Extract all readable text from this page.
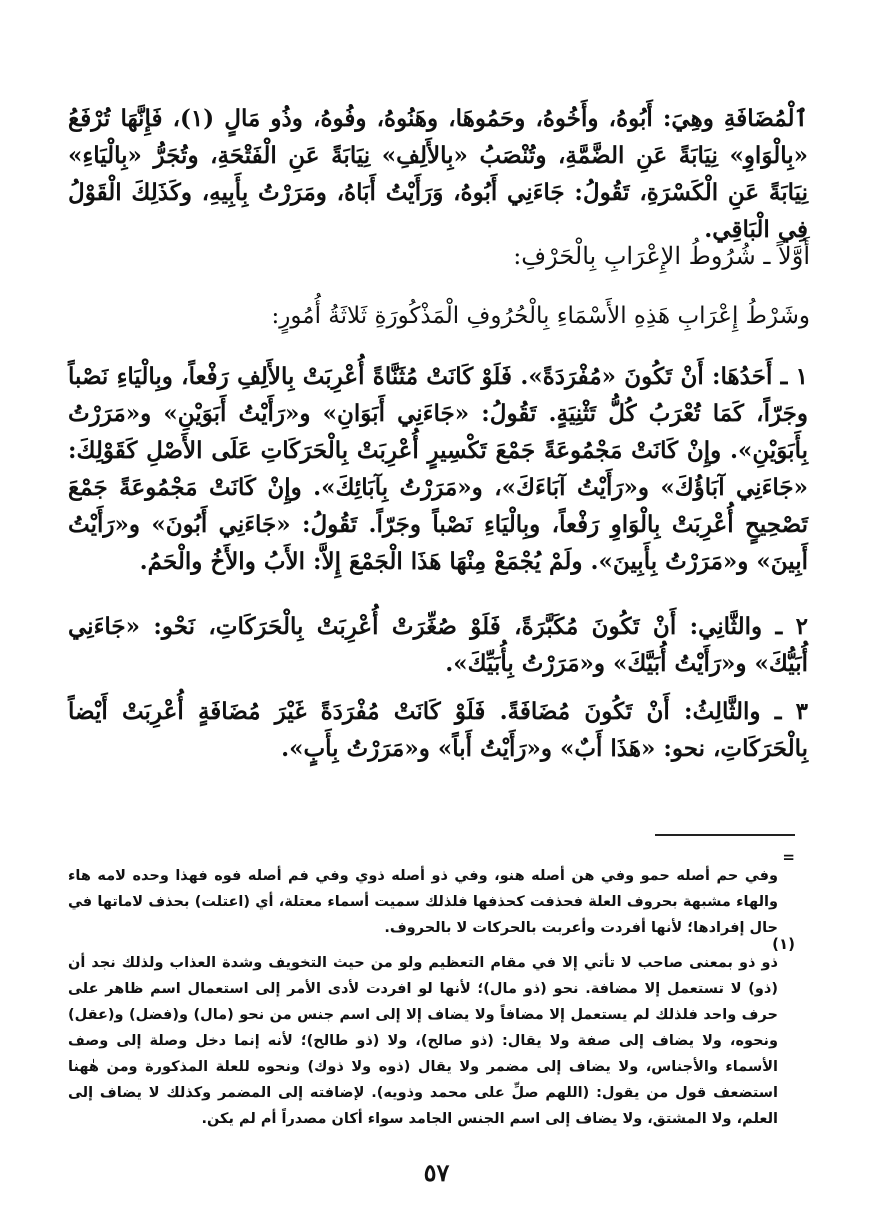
ٱلْمُضَافَةِ وهِيَ: أَبُوهُ، وأَخُوهُ، وحَمُوهَا، وهَنُوهُ، وفُوهُ، وذُو مَالٍ (١)، فَإِنَّهَا تُرْفَعُ «بِالْوَاوِ» نِيَابَةً عَنِ الضَّمَّةِ، وتُنْصَبُ «بِالأَلِفِ» نِيَابَةً عَنِ الْفَتْحَةِ، وتُجَرُّ «بِالْيَاءِ» نِيَابَةً عَنِ الْكَسْرَةِ، تَقُولُ: جَاءَنِي أَبُوهُ، وَرَأَيْتُ أَبَاهُ، ومَرَرْتُ بِأَبِيهِ، وكَذَلِكَ الْقَوْلُ فِي الْبَاقِي.

أَوَّلاً ـ شُرُوطُ الإِعْرَابِ بِالْحَرْفِ:

وشَرْطُ إِعْرَابِ هَذِهِ الأَسْمَاءِ بِالْحُرُوفِ الْمَذْكُورَةِ ثَلاثَةُ أُمُورٍ:

١ ـ أَحَدُهَا: أَنْ تَكُونَ «مُفْرَدَةً». فَلَوْ كَانَتْ مُثَنَّاةً أُعْرِبَتْ بِالأَلِفِ رَفْعاً، وبِالْيَاءِ نَصْباً وجَرّاً، كَمَا تُعْرَبُ كُلُّ تَثْنِيَةٍ. تَقُولُ: «جَاءَنِي أَبَوَانِ» و«رَأَيْتُ أَبَوَيْنِ» و«مَرَرْتُ بِأَبَوَيْنِ». وإِنْ كَانَتْ مَجْمُوعَةً جَمْعَ تَكْسِيرٍ أُعْرِبَتْ بِالْحَرَكَاتِ عَلَى الأَصْلِ كَقَوْلِكَ: «جَاءَنِي آبَاؤُكَ» و«رَأَيْتُ آبَاءَكَ»، و«مَرَرْتُ بِآبَائِكَ». وإِنْ كَانَتْ مَجْمُوعَةً جَمْعَ تَصْحِيحٍ أُعْرِبَتْ بِالْوَاوِ رَفْعاً، وبِالْيَاءِ نَصْباً وجَرّاً. تَقُولُ: «جَاءَنِي أَبُونَ» و«رَأَيْتُ أَبِينَ» و«مَرَرْتُ بِأَبِينَ». ولَمْ يُجْمَعْ مِنْهَا هَذَا الْجَمْعَ إِلاَّ: الأَبُ والأَخُ والْحَمُ.

٢ ـ والثَّانِي: أَنْ تَكُونَ مُكَبَّرَةً، فَلَوْ صُغِّرَتْ أُعْرِبَتْ بِالْحَرَكَاتِ، نَحْو: «جَاءَنِي أُبَيُّكَ» و«رَأَيْتُ أُبَيَّكَ» و«مَرَرْتُ بِأُبَيِّكَ».

٣ ـ والثَّالِثُ: أَنْ تَكُونَ مُضَافَةً. فَلَوْ كَانَتْ مُفْرَدَةً غَيْرَ مُضَافَةٍ أُعْرِبَتْ أَيْضاً بِالْحَرَكَاتِ، نحو: «هَذَا أَبٌ» و«رَأَيْتُ أَباً» و«مَرَرْتُ بِأَبٍ».

=

وفي حم أصله حمو وفي هن أصله هنو، وفي ذو أصله ذوي وفي فم أصله فوه فهذا وحده لامه هاء والهاء مشبهة بحروف العلة فحذفت كحذفها فلذلك سميت أسماء معتلة، أي (اعتلت) بحذف لاماتها في حال إفرادها؛ لأنها أفردت وأعربت بالحركات لا بالحروف.

(١)

ذو ذو بمعنى صاحب لا تأتي إلا في مقام التعظيم ولو من حيث التخويف وشدة العذاب ولذلك نجد أن (ذو) لا تستعمل إلا مضافة. نحو (ذو مال)؛ لأنها لو افردت لأدى الأمر إلى استعمال اسم ظاهر على حرف واحد فلذلك لم يستعمل إلا مضافاً ولا يضاف إلا إلى اسم جنس من نحو (مال) و(فضل) و(عقل) ونحوه، ولا يضاف إلى صفة ولا يقال: (ذو صالح)، ولا (ذو طالح)؛ لأنه إنما دخل وصلة إلى وصف الأسماء والأجناس، ولا يضاف إلى مضمر ولا يقال (ذوه ولا ذوك) ونحوه للعلة المذكورة ومن هٰهنا استضعف قول من يقول: (اللهم صلِّ على محمد وذويه). لإضافته إلى المضمر وكذلك لا يضاف إلى العلم، ولا المشتق، ولا يضاف إلى اسم الجنس الجامد سواء أكان مصدراً أم لم يكن.

٥٧
